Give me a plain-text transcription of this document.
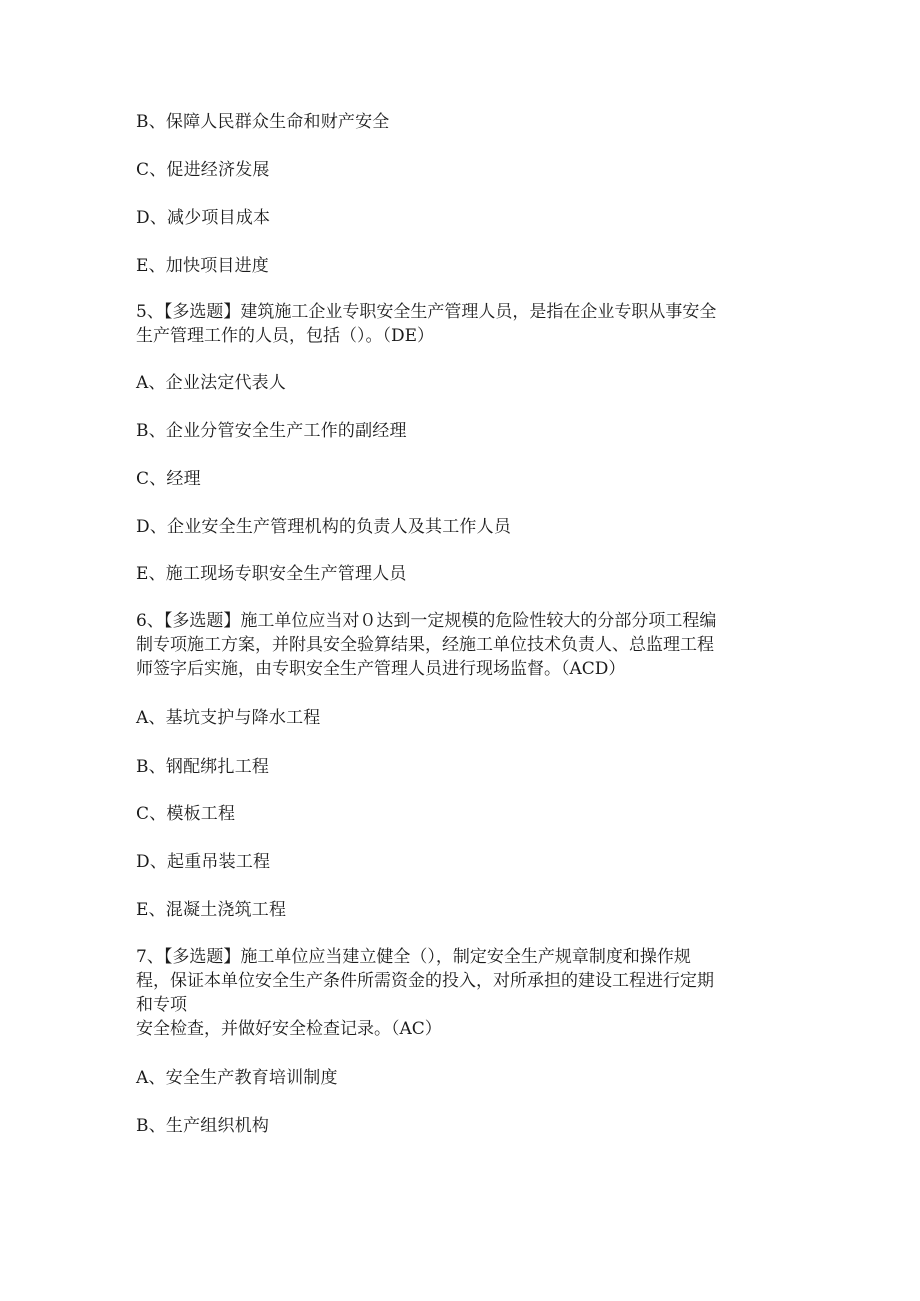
B、保障人民群众生命和财产安全
C、促进经济发展
D、减少项目成本
E、加快项目进度
5、【多选题】建筑施工企业专职安全生产管理人员，是指在企业专职从事安全
生产管理工作的人员，包括（）。（DE）
A、企业法定代表人
B、企业分管安全生产工作的副经理
C、经理
D、企业安全生产管理机构的负责人及其工作人员
E、施工现场专职安全生产管理人员
6、【多选题】施工单位应当对０达到一定规模的危险性较大的分部分项工程编
制专项施工方案，并附具安全验算结果，经施工单位技术负责人、总监理工程
师签字后实施，由专职安全生产管理人员进行现场监督。（ACD）
A、基坑支护与降水工程
B、钢配绑扎工程
C、模板工程
D、起重吊装工程
E、混凝土浇筑工程
7、【多选题】施工单位应当建立健全（），制定安全生产规章制度和操作规
程，保证本单位安全生产条件所需资金的投入，对所承担的建设工程进行定期
和专项
安全检查，并做好安全检查记录。（AC）
A、安全生产教育培训制度
B、生产组织机构
